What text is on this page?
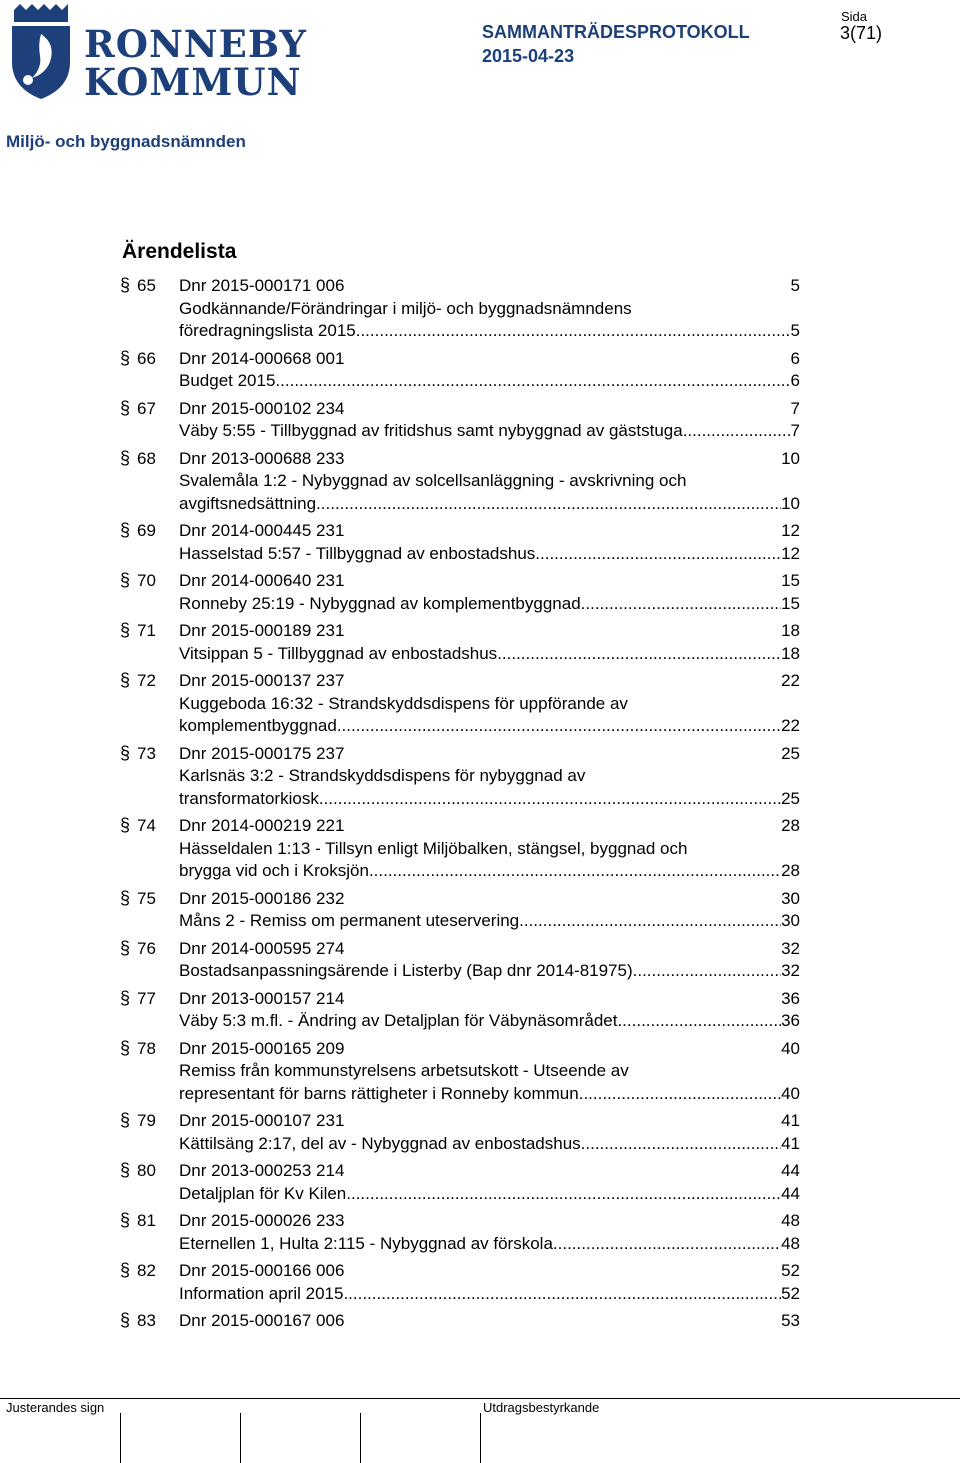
RONNEBY
KOMMUN
SAMMANTRÄDESPROTOKOLL
2015-04-23
Sida
3(71)
Miljö- och byggnadsnämnden
Ärendelista
§ 65 Dnr 2015-000171 006	5
Godkännande/Förändringar i miljö- och byggnadsnämndens
föredragningslista 2015 .....	5
§ 66 Dnr 2014-000668 001	6
Budget 2015 .....	6
§ 67 Dnr 2015-000102 234	7
Väby 5:55 - Tillbyggnad av fritidshus samt nybyggnad av gäststuga .....	7
§ 68 Dnr 2013-000688 233	10
Svalemåla 1:2 - Nybyggnad av solcellsanläggning - avskrivning och
avgiftsnedsättning .....	10
§ 69 Dnr 2014-000445 231	12
Hasselstad 5:57 - Tillbyggnad av enbostadshus .....	12
§ 70 Dnr 2014-000640 231	15
Ronneby 25:19 - Nybyggnad av komplementbyggnad .....	15
§ 71 Dnr 2015-000189 231	18
Vitsippan 5 - Tillbyggnad av enbostadshus .....	18
§ 72 Dnr 2015-000137 237	22
Kuggeboda 16:32 - Strandskyddsdispens för uppförande av
komplementbyggnad .....	22
§ 73 Dnr 2015-000175 237	25
Karlsnäs 3:2 - Strandskyddsdispens för nybyggnad av
transformatorkiosk .....	25
§ 74 Dnr 2014-000219 221	28
Hässeldalen 1:13 - Tillsyn enligt Miljöbalken, stängsel, byggnad och
brygga vid och i Kroksjön .....	28
§ 75 Dnr 2015-000186 232	30
Måns 2 - Remiss om permanent uteservering .....	30
§ 76 Dnr 2014-000595 274	32
Bostadsanpassningsärende i Listerby (Bap dnr 2014-81975) .....	32
§ 77 Dnr 2013-000157 214	36
Väby 5:3 m.fl. - Ändring av Detaljplan för Väbynäsområdet .....	36
§ 78 Dnr 2015-000165 209	40
Remiss från kommunstyrelsens arbetsutskott - Utseende av
representant för barns rättigheter i Ronneby kommun .....	40
§ 79 Dnr 2015-000107 231	41
Kättilsäng 2:17, del av - Nybyggnad av enbostadshus .....	41
§ 80 Dnr 2013-000253 214	44
Detaljplan för Kv Kilen .....	44
§ 81 Dnr 2015-000026 233	48
Eternellen 1, Hulta 2:115 - Nybyggnad av förskola .....	48
§ 82 Dnr 2015-000166 006	52
Information april 2015 .....	52
§ 83 Dnr 2015-000167 006	53
Justerandes sign	Utdragsbestyrkande
